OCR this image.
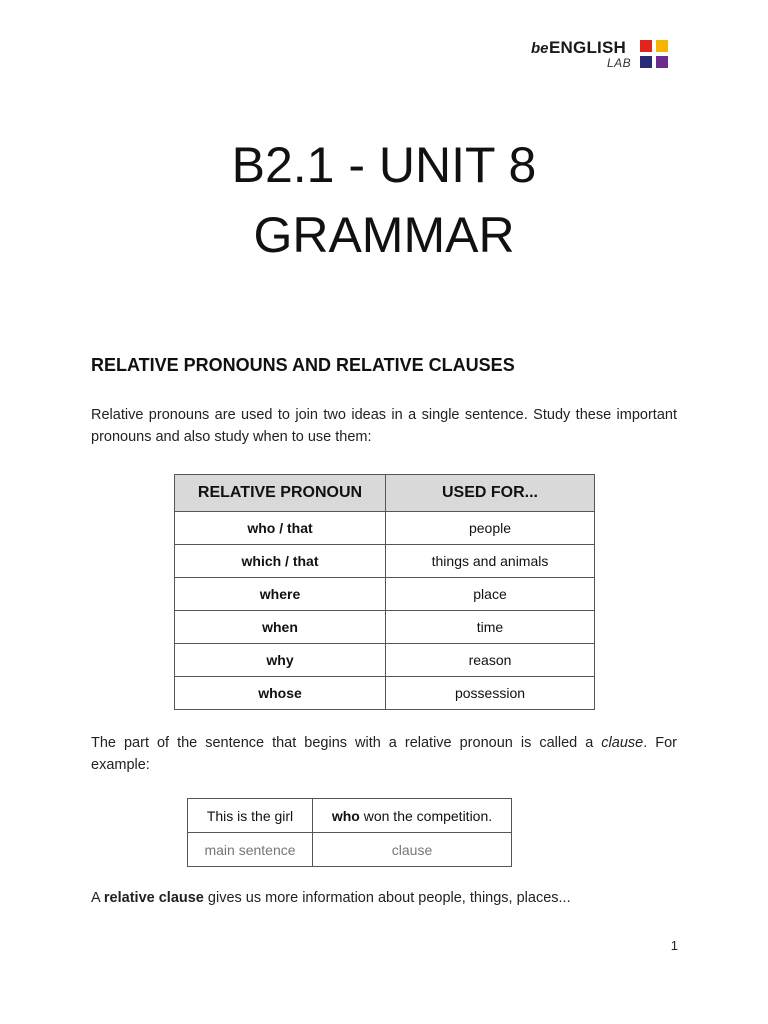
be ENGLISH
LAB
B2.1 - UNIT 8
GRAMMAR
RELATIVE PRONOUNS AND RELATIVE CLAUSES

Relative pronouns are used to join two ideas in a single sentence. Study these important pronouns and also study when to use them:

RELATIVE PRONOUN	USED FOR...
who / that	people
which / that	things and animals
where	place
when	time
why	reason
whose	possession

The part of the sentence that begins with a relative pronoun is called a clause. For example:

This is the girl	who won the competition.
main sentence	clause

A relative clause gives us more information about people, things, places...

1
